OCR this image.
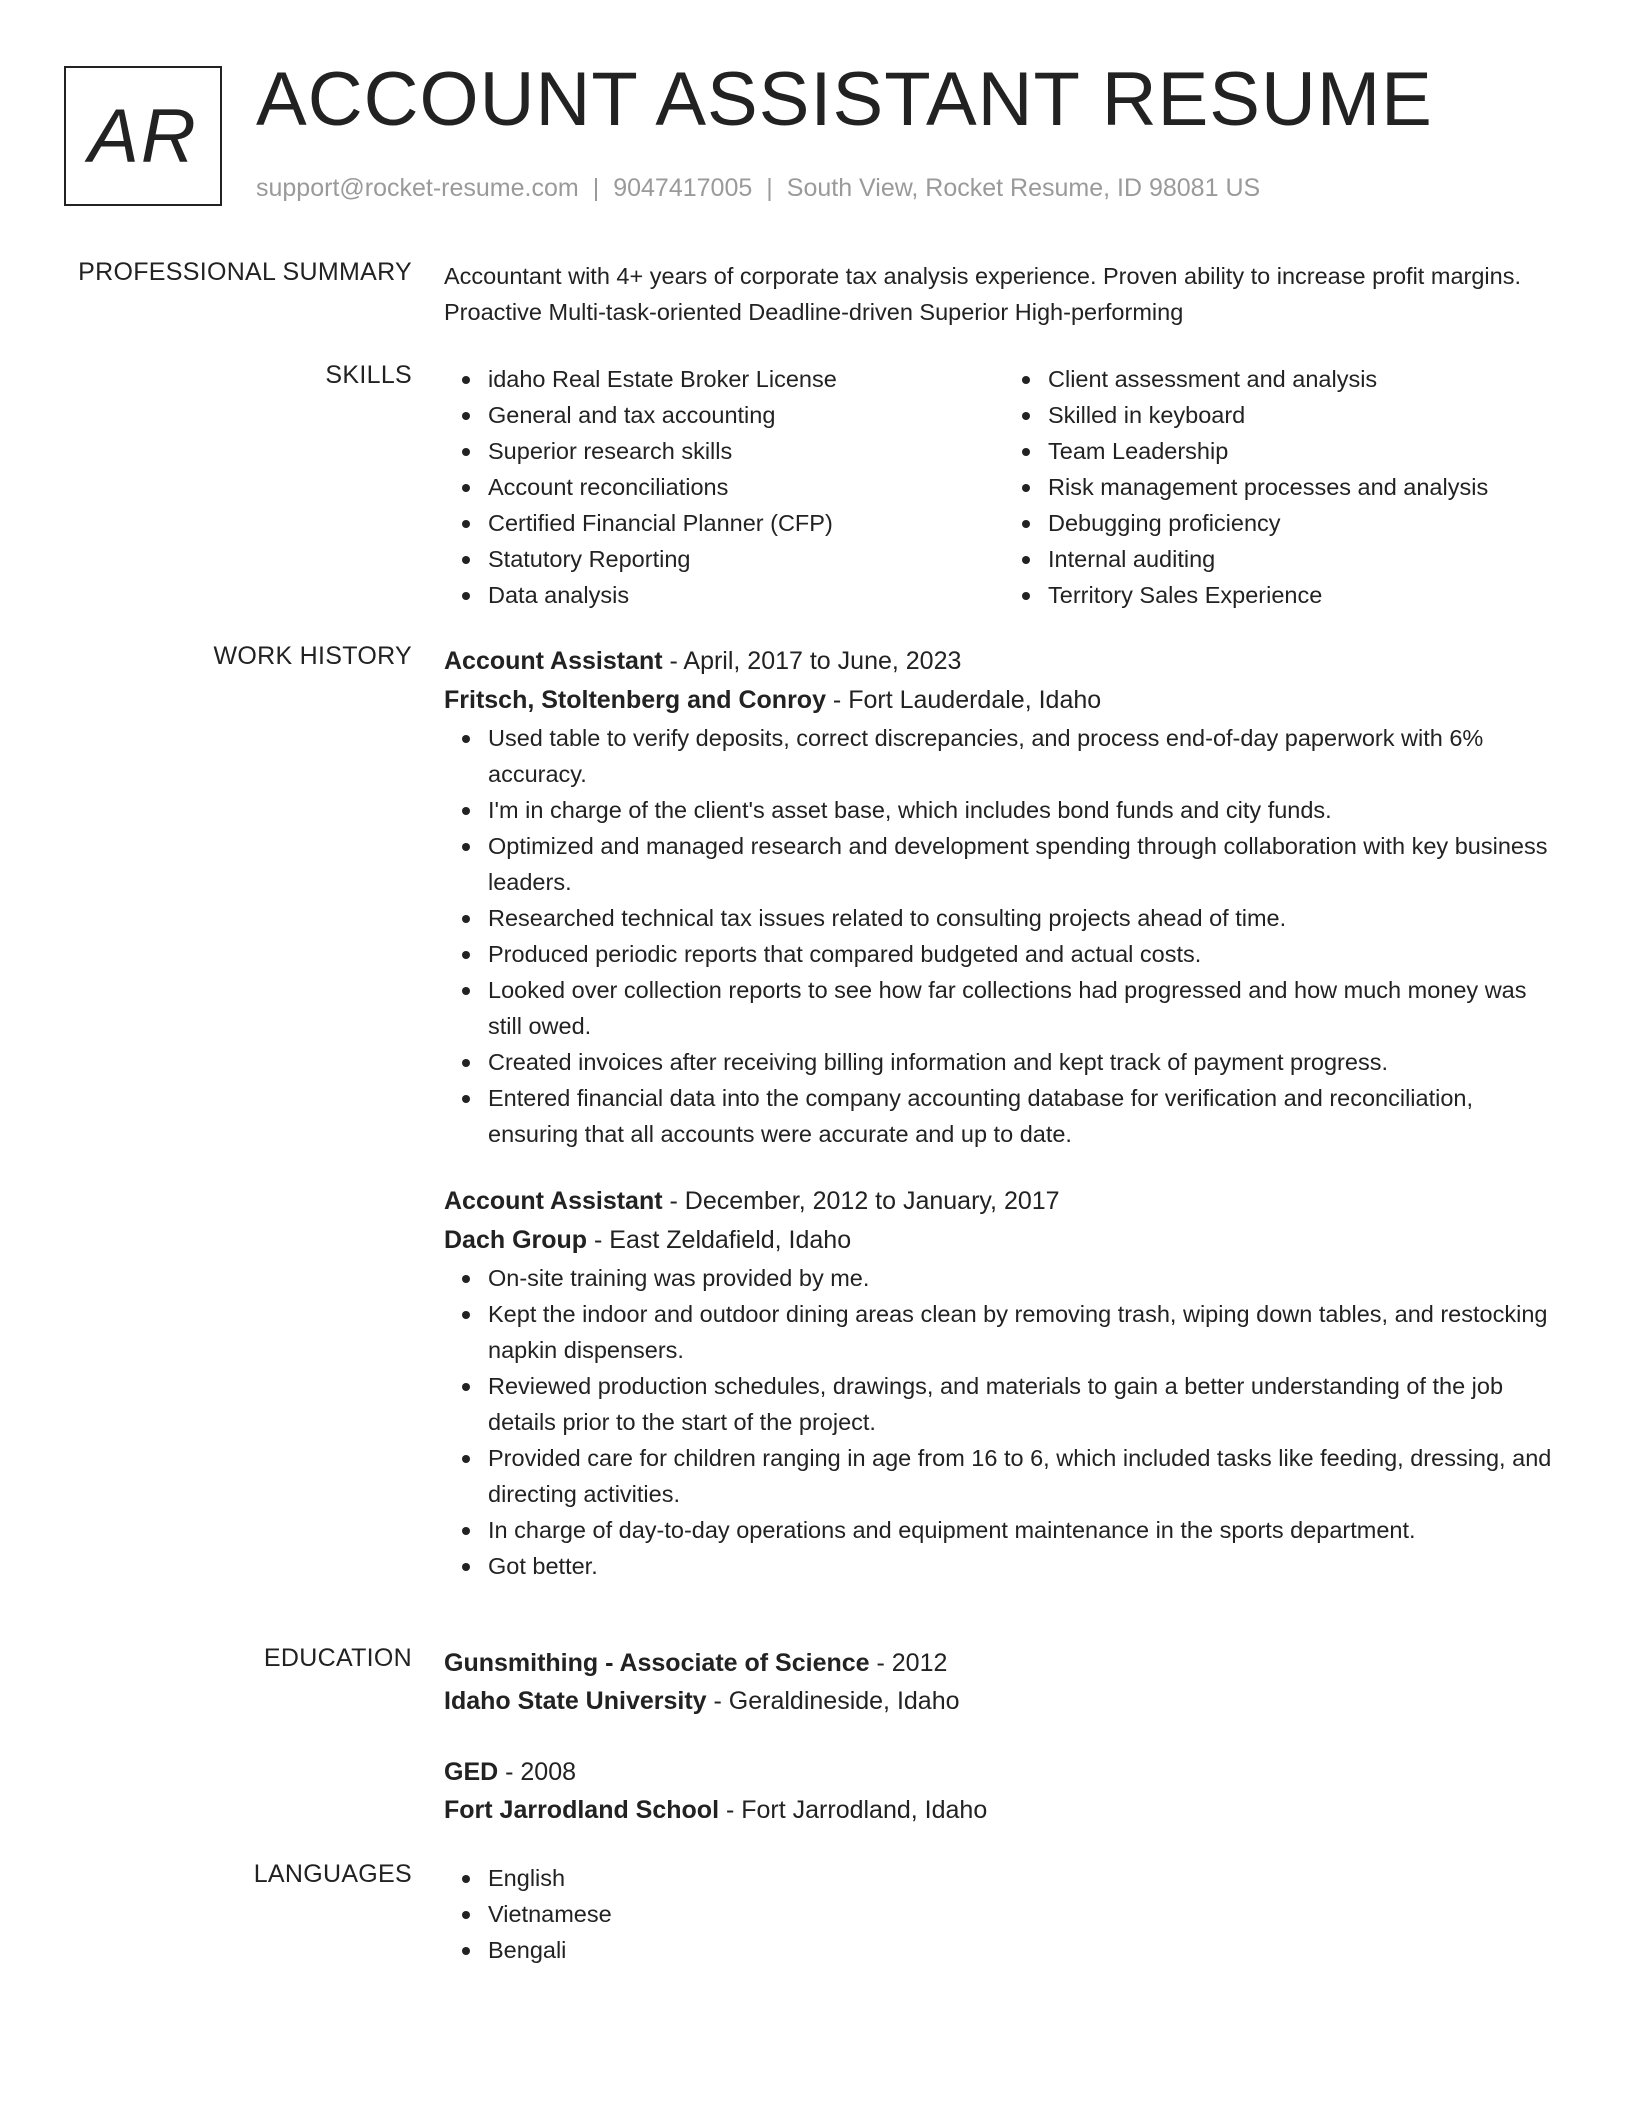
AR ACCOUNT ASSISTANT RESUME
support@rocket-resume.com | 9047417005 | South View, Rocket Resume, ID 98081 US
PROFESSIONAL SUMMARY Accountant with 4+ years of corporate tax analysis experience. Proven ability to increase profit margins. Proactive Multi-task-oriented Deadline-driven Superior High-performing
SKILLS	idaho Real Estate Broker License
General and tax accounting
Superior research skills
Account reconciliations
Certified Financial Planner (CFP)
Statutory Reporting
Data analysis
Client assessment and analysis
Skilled in keyboard
Team Leadership
Risk management processes and analysis
Debugging proficiency
Internal auditing
Territory Sales Experience
WORK HISTORY Account Assistant - April, 2017 to June, 2023
Fritsch, Stoltenberg and Conroy - Fort Lauderdale, Idaho
Used table to verify deposits, correct discrepancies, and process end-of-day paperwork with 6% accuracy.
I'm in charge of the client's asset base, which includes bond funds and city funds.
Optimized and managed research and development spending through collaboration with key business leaders.
Researched technical tax issues related to consulting projects ahead of time.
Produced periodic reports that compared budgeted and actual costs.
Looked over collection reports to see how far collections had progressed and how much money was still owed.
Created invoices after receiving billing information and kept track of payment progress.
Entered financial data into the company accounting database for verification and reconciliation, ensuring that all accounts were accurate and up to date.
Account Assistant - December, 2012 to January, 2017
Dach Group - East Zeldafield, Idaho
On-site training was provided by me.
Kept the indoor and outdoor dining areas clean by removing trash, wiping down tables, and restocking napkin dispensers.
Reviewed production schedules, drawings, and materials to gain a better understanding of the job details prior to the start of the project.
Provided care for children ranging in age from 16 to 6, which included tasks like feeding, dressing, and directing activities.
In charge of day-to-day operations and equipment maintenance in the sports department.
Got better.
EDUCATION Gunsmithing - Associate of Science - 2012
Idaho State University - Geraldineside, Idaho
GED - 2008
Fort Jarrodland School - Fort Jarrodland, Idaho
LANGUAGES	English
Vietnamese
Bengali
